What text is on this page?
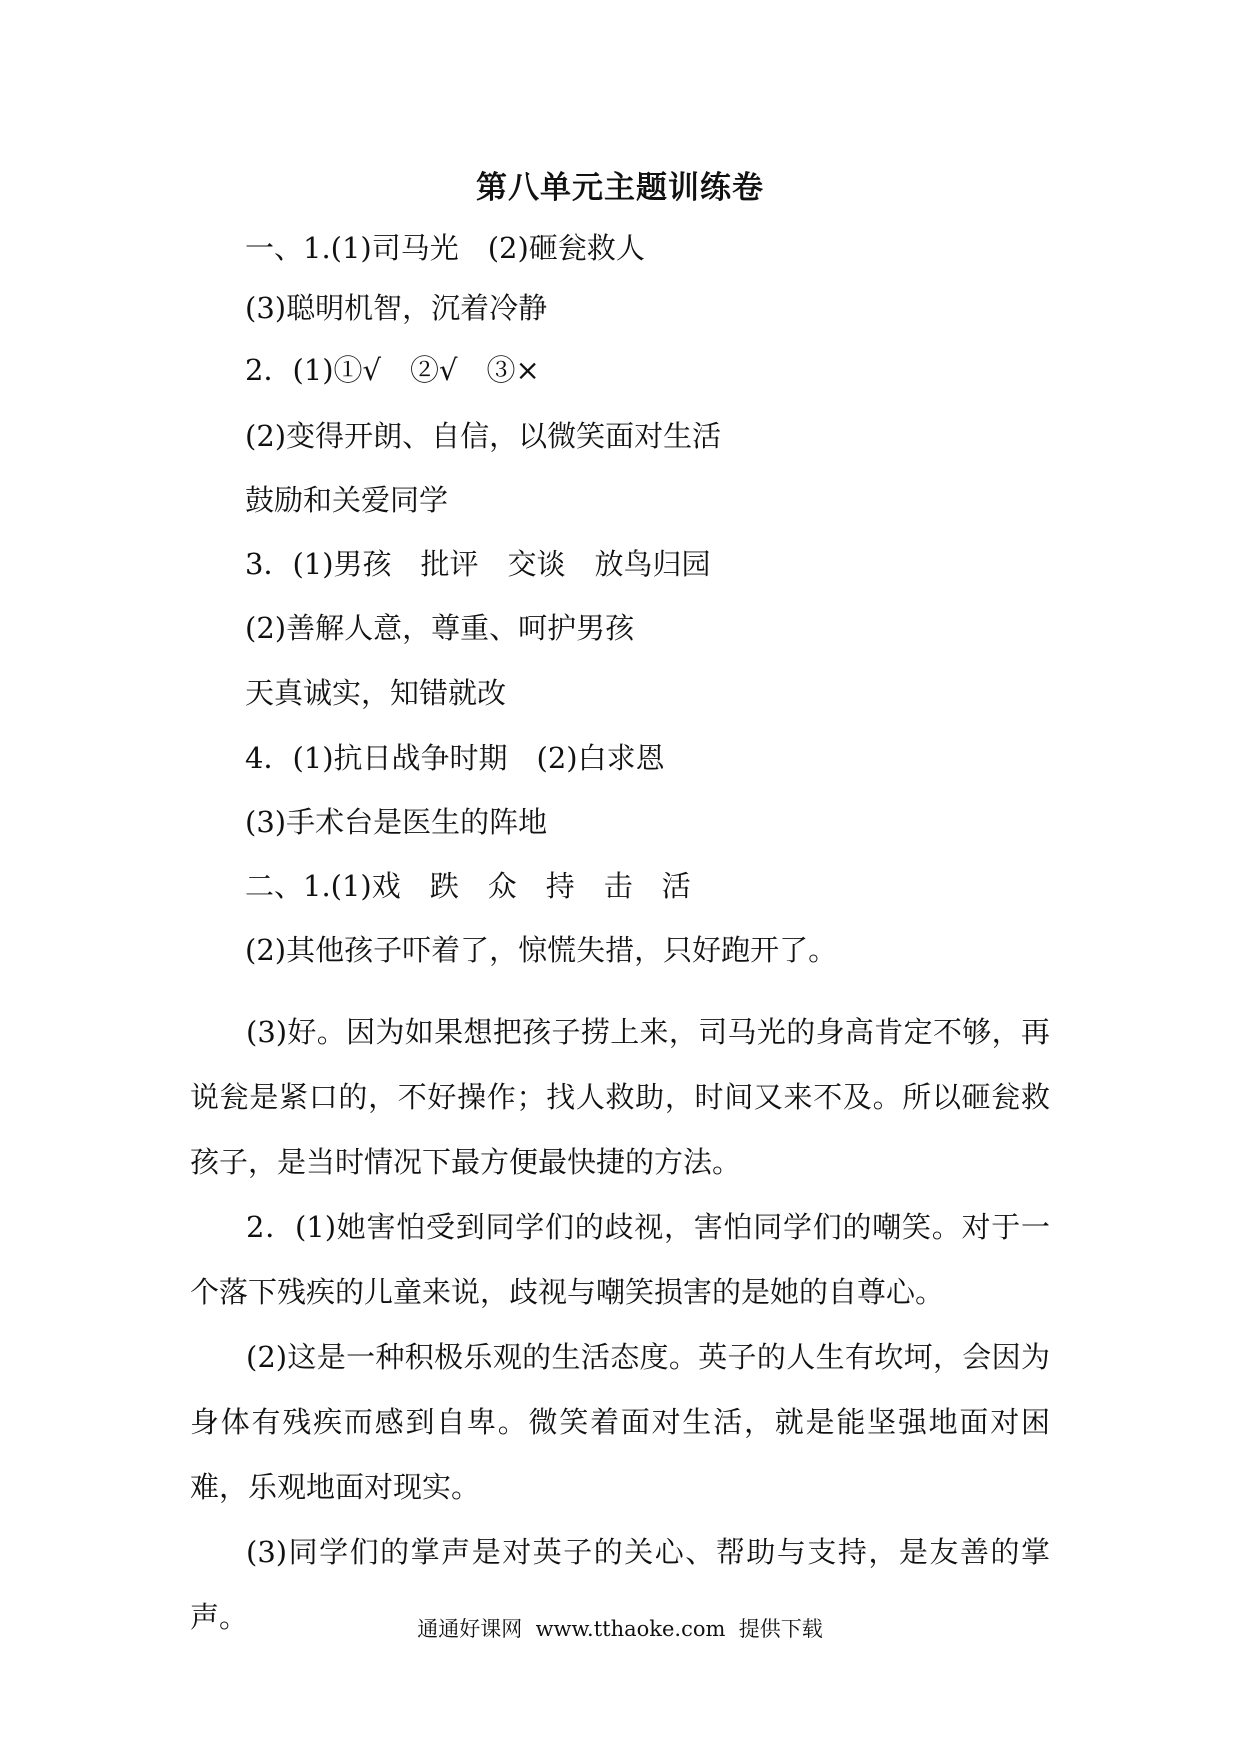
第八单元主题训练卷
一、1.(1)司马光　(2)砸瓮救人
(3)聪明机智，沉着冷静
2．(1)①√　②√　③×
(2)变得开朗、自信，以微笑面对生活
鼓励和关爱同学
3．(1)男孩　批评　交谈　放鸟归园
(2)善解人意，尊重、呵护男孩
天真诚实，知错就改
4．(1)抗日战争时期　(2)白求恩
(3)手术台是医生的阵地
二、1.(1)戏　跌　众　持　击　活
(2)其他孩子吓着了，惊慌失措，只好跑开了。
(3)好。因为如果想把孩子捞上来，司马光的身高肯定不够，再说瓮是紧口的，不好操作；找人救助，时间又来不及。所以砸瓮救孩子，是当时情况下最方便最快捷的方法。
2．(1)她害怕受到同学们的歧视，害怕同学们的嘲笑。对于一个落下残疾的儿童来说，歧视与嘲笑损害的是她的自尊心。
(2)这是一种积极乐观的生活态度。英子的人生有坎坷，会因为身体有残疾而感到自卑。微笑着面对生活，就是能坚强地面对困难，乐观地面对现实。
(3)同学们的掌声是对英子的关心、帮助与支持，是友善的掌声。	通通好课网  www.tthaoke.com  提供下载
